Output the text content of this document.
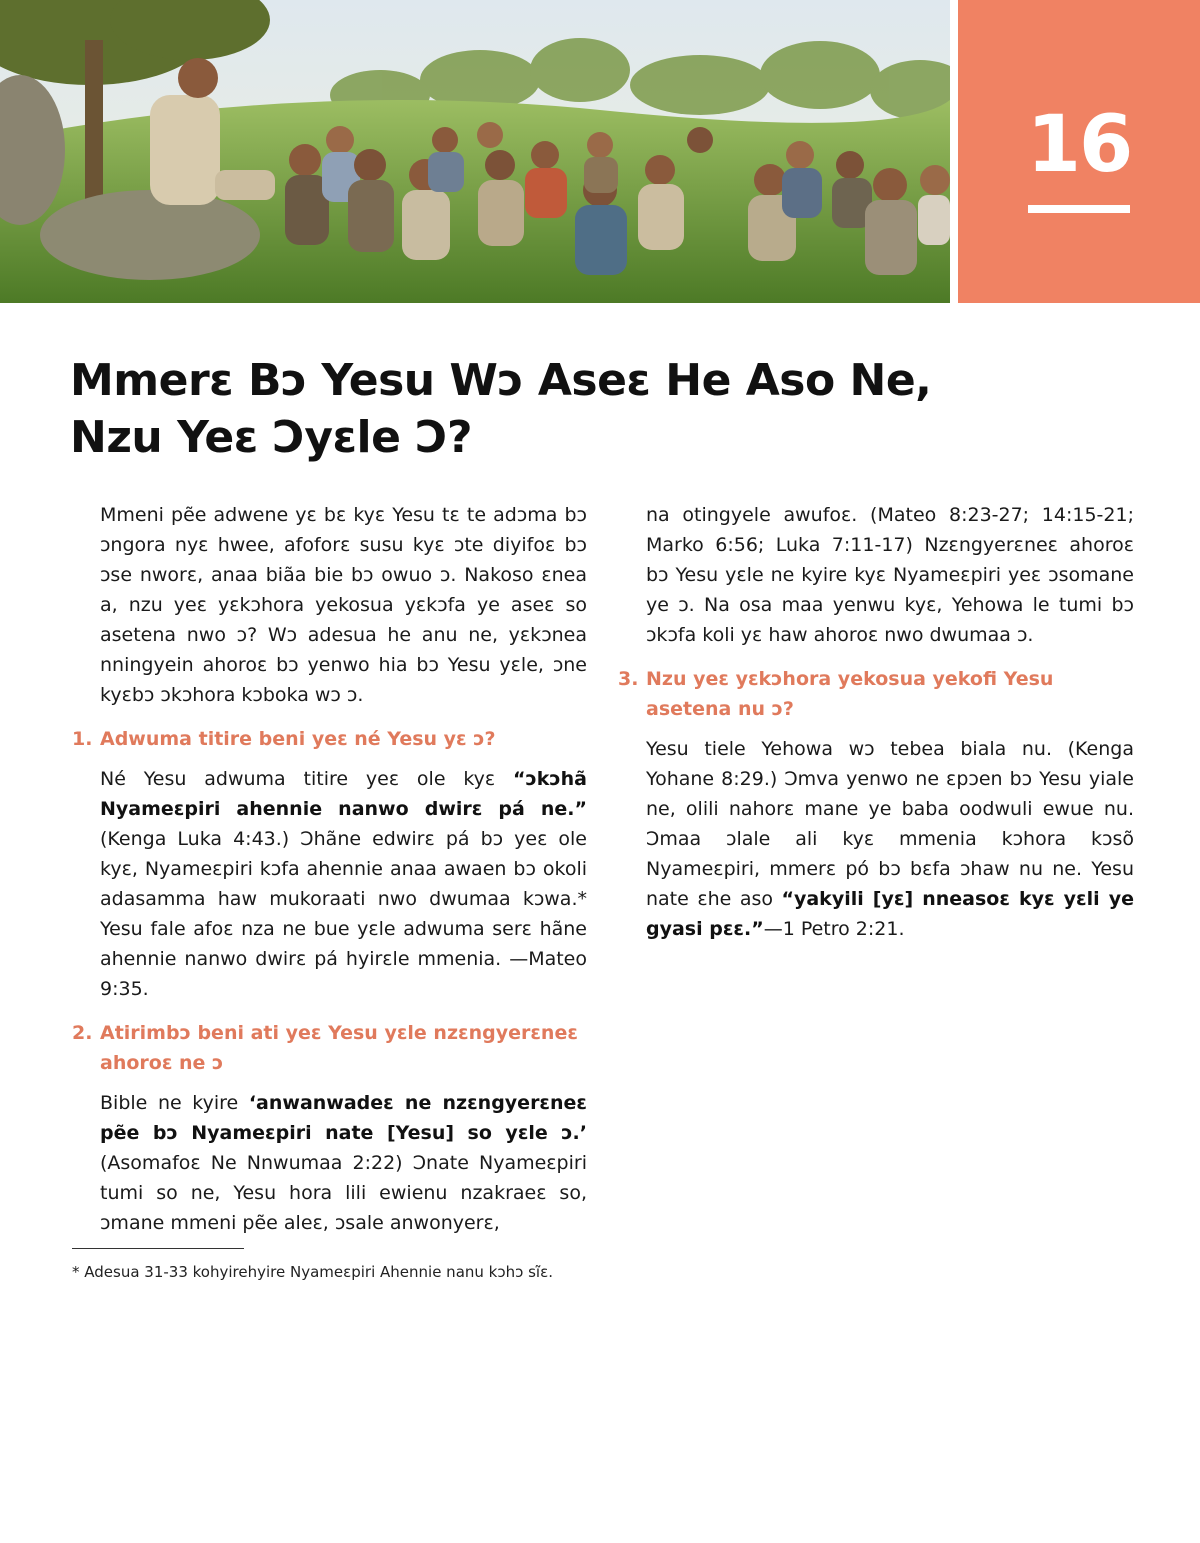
16
Mmerɛ Bɔ Yesu Wɔ Aseɛ He Aso Ne,
Nzu Yeɛ Ɔyɛle Ɔ?

Mmeni pẽe adwene yɛ bɛ kyɛ Yesu tɛ te adɔma bɔ ɔngora nyɛ hwee, afoforɛ susu kyɛ ɔte diyifoɛ bɔ ɔse nworɛ, anaa biãa bie bɔ owuo ɔ. Nakoso ɛnea a, nzu yeɛ yɛkɔhora yekosua yɛkɔfa ye aseɛ so asetena nwo ɔ? Wɔ adesua he anu ne, yɛkɔnea nningyein ahoroɛ bɔ yenwo hia bɔ Yesu yɛle, ɔne kyɛbɔ ɔkɔhora kɔboka wɔ ɔ.

1. Adwuma titire beni yeɛ né Yesu yɛ ɔ?

Né Yesu adwuma titire yeɛ ole kyɛ “ɔkɔhã Nyameɛpiri ahennie nanwo dwirɛ pá ne.” (Kenga Luka 4:43.) Ɔhãne edwirɛ pá bɔ yeɛ ole kyɛ, Nyameɛpiri kɔfa ahennie anaa awaen bɔ okoli adasamma haw mukoraati nwo dwumaa kɔwa.* Yesu fale afoɛ nza ne bue yɛle adwuma serɛ hãne ahennie nanwo dwirɛ pá hyirɛle mmenia. —Mateo 9:35.

2. Atirimbɔ beni ati yeɛ Yesu yɛle nzɛngyerɛneɛ ahoroɛ ne ɔ

Bible ne kyire ‘anwanwadeɛ ne nzɛngyerɛneɛ pẽe bɔ Nyameɛpiri nate [Yesu] so yɛle ɔ.’ (Asomafoɛ Ne Nnwumaa 2:22) Ɔnate Nyameɛpiri tumi so ne, Yesu hora lili ewienu nzakraeɛ so, ɔmane mmeni pẽe aleɛ, ɔsale anwonyerɛ,

na otingyele awufoɛ. (Mateo 8:23-27; 14:15-21; Marko 6:56; Luka 7:11-17) Nzɛngyerɛneɛ ahoroɛ bɔ Yesu yɛle ne kyire kyɛ Nyameɛpiri yeɛ ɔsomane ye ɔ. Na osa maa yenwu kyɛ, Yehowa le tumi bɔ ɔkɔfa koli yɛ haw ahoroɛ nwo dwumaa ɔ.

3. Nzu yeɛ yɛkɔhora yekosua yekofi Yesu asetena nu ɔ?

Yesu tiele Yehowa wɔ tebea biala nu. (Kenga Yohane 8:29.) Ɔmva yenwo ne ɛpɔen bɔ Yesu yiale ne, olili nahorɛ mane ye baba oodwuli ewue nu. Ɔmaa ɔlale ali kyɛ mmenia kɔhora kɔsõ Nyameɛpiri, mmerɛ pó bɔ bɛfa ɔhaw nu ne. Yesu nate ɛhe aso “yakyili [yɛ] nneasoɛ kyɛ yɛli ye gyasi pɛɛ.”—1 Petro 2:21.

* Adesua 31-33 kohyirehyire Nyameɛpiri Ahennie nanu kɔhɔ sĩɛ.
